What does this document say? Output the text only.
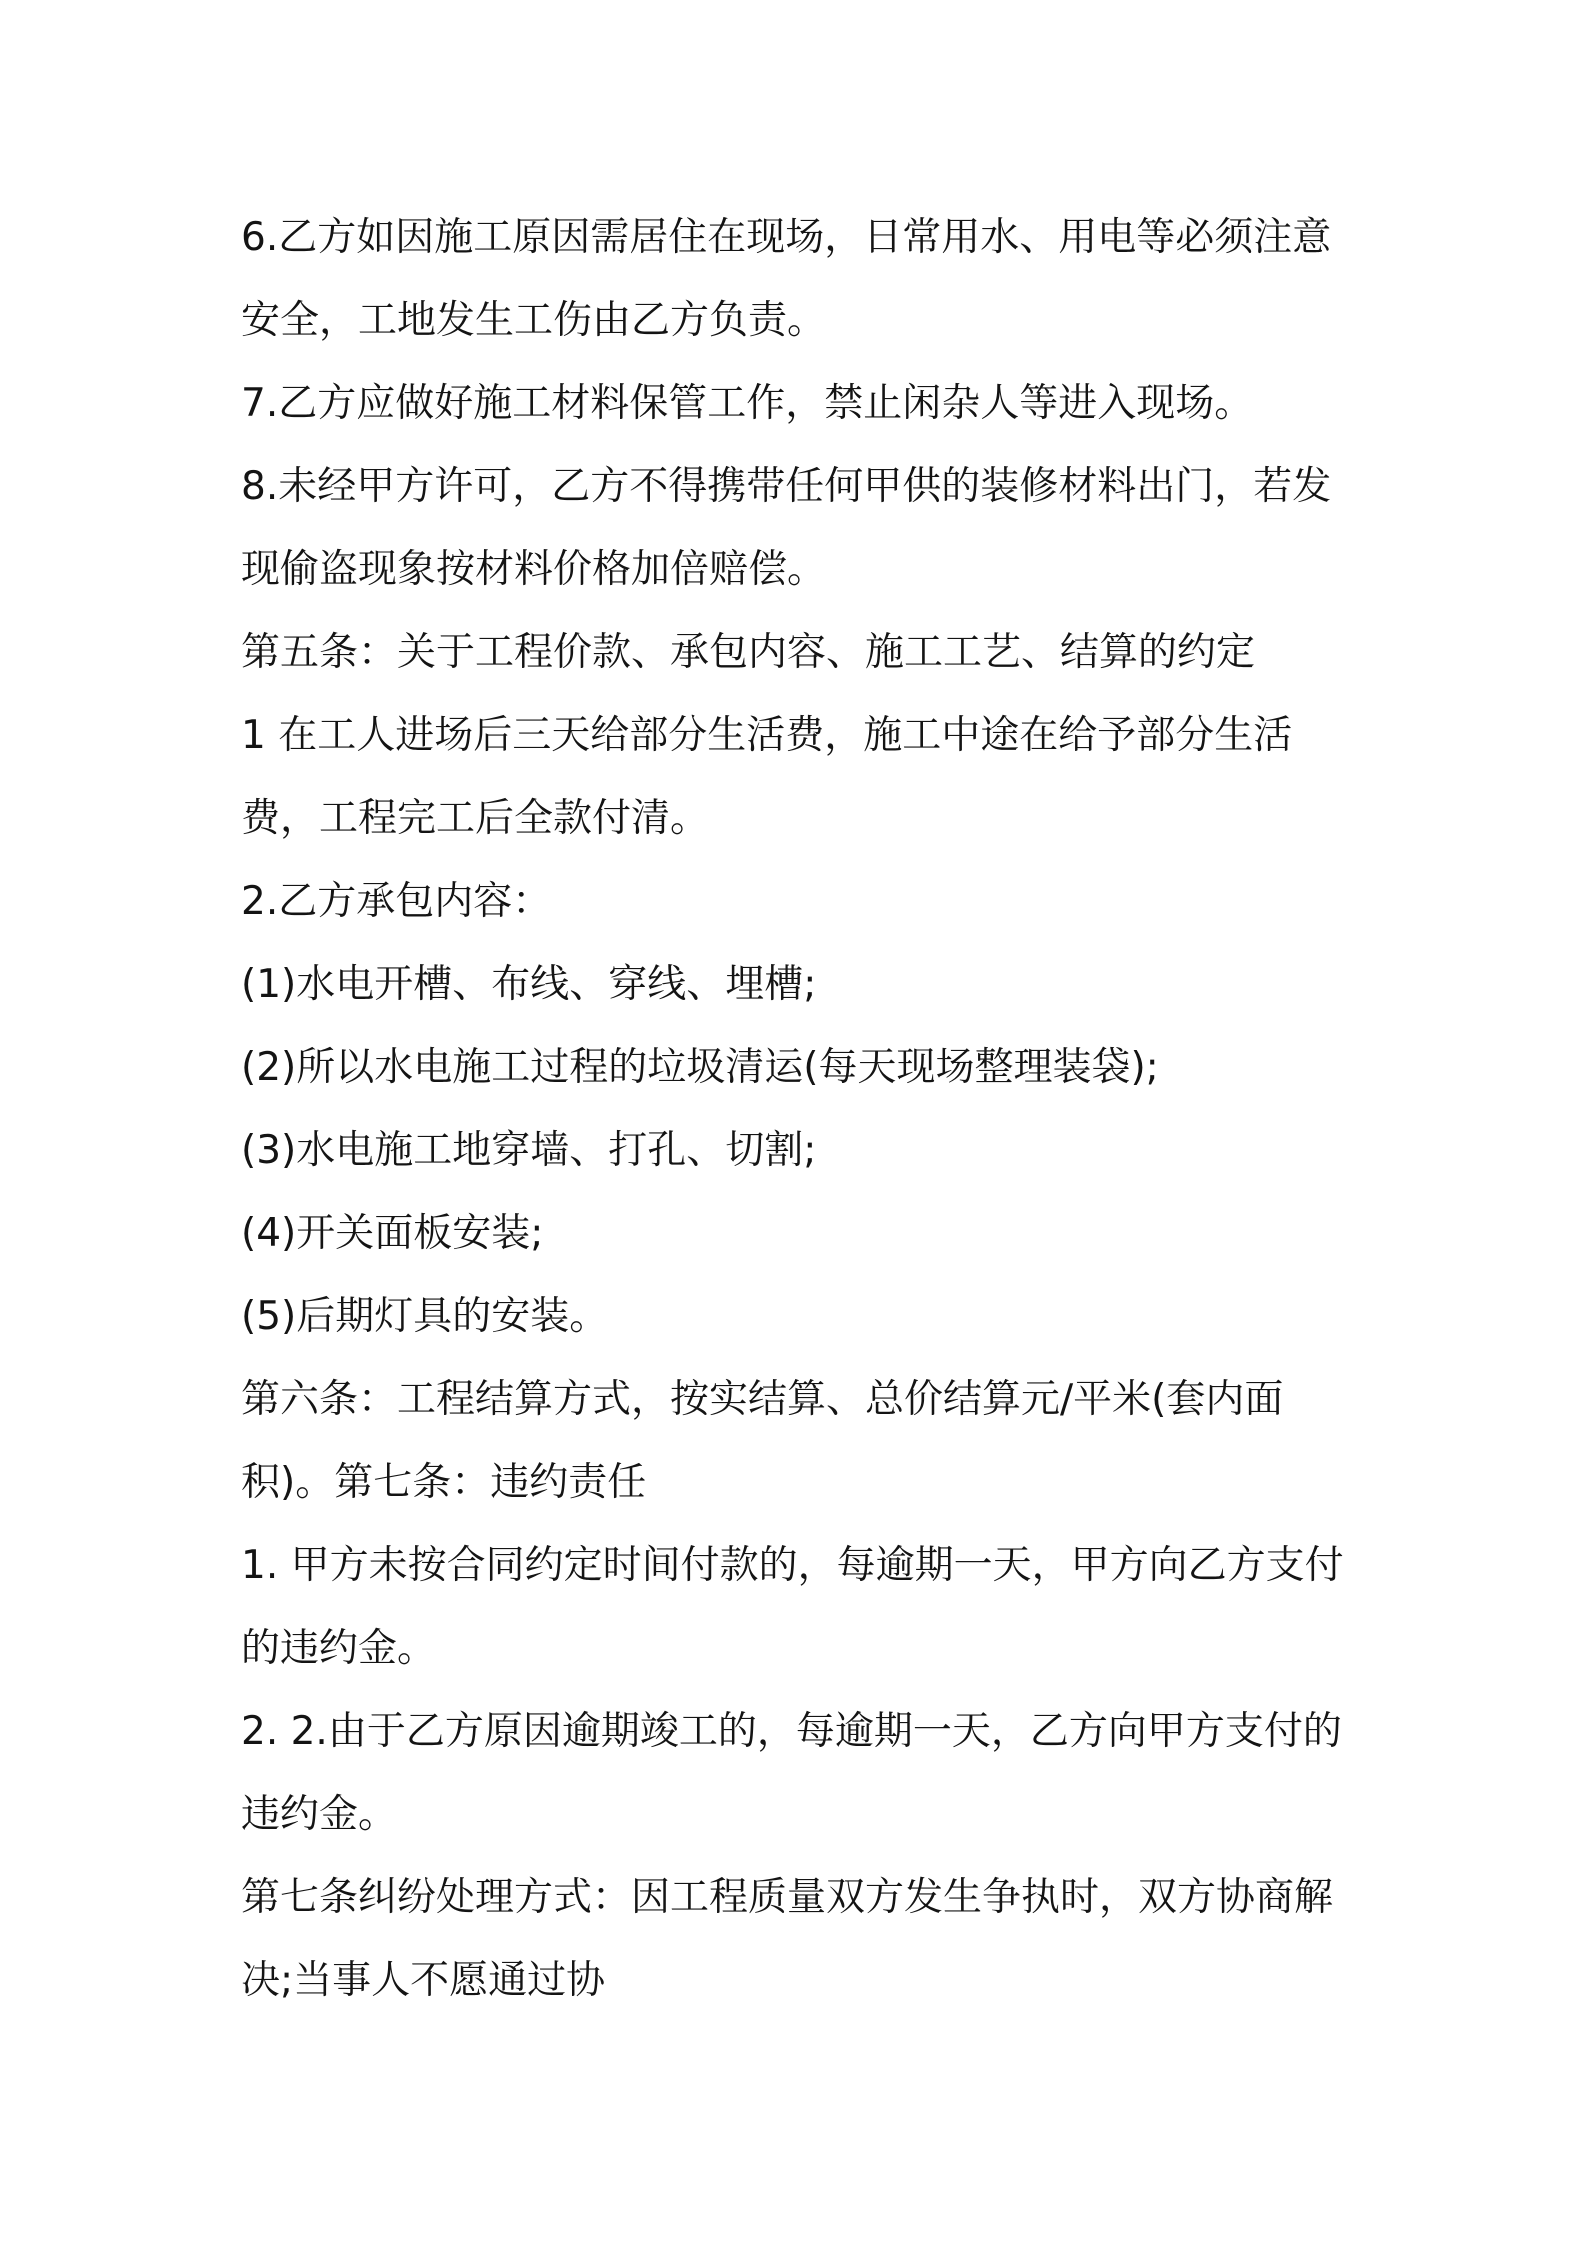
6.乙方如因施工原因需居住在现场，日常用水、用电等必须注意安全，工地发生工伤由乙方负责。

7.乙方应做好施工材料保管工作，禁止闲杂人等进入现场。

8.未经甲方许可，乙方不得携带任何甲供的装修材料出门，若发现偷盗现象按材料价格加倍赔偿。

第五条：关于工程价款、承包内容、施工工艺、结算的约定

1 在工人进场后三天给部分生活费，施工中途在给予部分生活费，工程完工后全款付清。

2.乙方承包内容：

(1)水电开槽、布线、穿线、埋槽;

(2)所以水电施工过程的垃圾清运(每天现场整理装袋);

(3)水电施工地穿墙、打孔、切割;

(4)开关面板安装;

(5)后期灯具的安装。

第六条：工程结算方式，按实结算、总价结算元/平米(套内面积)。第七条：违约责任

1. 甲方未按合同约定时间付款的，每逾期一天，甲方向乙方支付的违约金。

2. 2.由于乙方原因逾期竣工的，每逾期一天，乙方向甲方支付的违约金。

第七条纠纷处理方式：因工程质量双方发生争执时，双方协商解决;当事人不愿通过协
